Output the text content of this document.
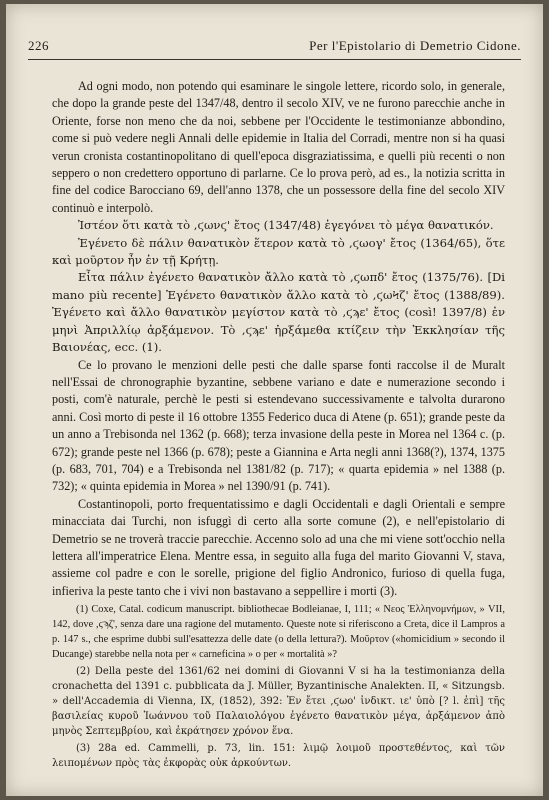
226	Per l'Epistolario di Demetrio Cidone.

Ad ogni modo, non potendo qui esaminare le singole lettere, ricordo solo, in generale, che dopo la grande peste del 1347/48, dentro il secolo XIV, ve ne furono parecchie anche in Oriente, forse non meno che da noi, sebbene per l'Occidente le testimonianze abbondino, come si può vedere negli Annali delle epidemie in Italia del Corradi, mentre non si ha quasi verun cronista costantinopolitano di quell'epoca disgraziatissima, e quelli più recenti o non seppero o non credettero opportuno di parlarne. Ce lo prova però, ad es., la notizia scritta in fine del codice Barocciano 69, dell'anno 1378, che un possessore della fine del secolo XIV continuò e interpolò.

Ἰστέον ὅτι κατὰ τὸ ,ϛωνϛ' ἔτος (1347/48) ἐγεγόνει τὸ μέγα θανατικόν.

Ἐγένετο δὲ πάλιν θανατικὸν ἕτερον κατὰ τὸ ,ϛωογ' ἔτος (1364/65), ὅτε καὶ μοῦρτον ἦν ἐν τῇ Κρήτῃ.

Εἶτα πάλιν ἐγένετο θανατικὸν ἄλλο κατὰ τὸ ,ϛωπδ' ἔτος (1375/76). [Di mano più recente] Ἐγένετο θανατικὸν ἄλλο κατὰ τὸ ,ϛωϞζ' ἔτος (1388/89). Ἐγένετο καὶ ἄλλο θανατικὸν μεγίστον κατὰ τὸ ,ϛϡε' ἔτος (così! 1397/8) ἐν μηνὶ Ἀπριλλίῳ ἀρξάμενον. Τὸ ,ϛϡε' ἠρξάμεθα κτίζειν τὴν Ἐκκλησίαν τῆς Βαιονέας, ecc. (1).

Ce lo provano le menzioni delle pesti che dalle sparse fonti raccolse il de Muralt nell'Essai de chronographie byzantine, sebbene variano e date e numerazione secondo i posti, com'è naturale, perchè le pesti si estendevano successivamente e talvolta durarono anni. Così morto di peste il 16 ottobre 1355 Federico duca di Atene (p. 651); grande peste da un anno a Trebisonda nel 1362 (p. 668); terza invasione della peste in Morea nel 1364 c. (p. 672); grande peste nel 1366 (p. 678); peste a Giannina e Arta negli anni 1368(?), 1374, 1375 (p. 683, 701, 704) e a Trebisonda nel 1381/82 (p. 717); « quarta epidemia » nel 1388 (p. 732); « quinta epidemia in Morea » nel 1390/91 (p. 741).

Costantinopoli, porto frequentatissimo e dagli Occidentali e dagli Orientali e sempre minacciata dai Turchi, non isfuggì di certo alla sorte comune (2), e nell'epistolario di Demetrio se ne troverà traccie parecchie. Accenno solo ad una che mi viene sott'occhio nella lettera all'imperatrice Elena. Mentre essa, in seguito alla fuga del marito Giovanni V, stava, assieme col padre e con le sorelle, prigione del figlio Andronico, furioso di quella fuga, infieriva la peste tanto che i vivi non bastavano a seppellire i morti (3).

(1) Coxe, Catal. codicum manuscript. bibliothecae Bodleianae, I, 111; « Νεος Ἑλληνομνήμων, » VII, 142, dove ,ϛϡζ', senza dare una ragione del mutamento. Queste note si riferiscono a Creta, dice il Lampros a p. 147 s., che esprime dubbi sull'esattezza delle date (o della lettura?). Μοῦρτον («homicidium » secondo il Ducange) starebbe nella nota per « carneficina » o per « mortalità »?

(2) Della peste del 1361/62 nei domini di Giovanni V si ha la testimonianza della cronachetta del 1391 c. pubblicata da J. Müller, Byzantinische Analekten. II, « Sitzungsb. » dell'Accademia di Vienna, IX, (1852), 392: Ἐν ἔτει ,ϛωο' ἰνδικτ. ιε' ὑπὸ [? l. ἐπὶ] τῆς βασιλείας κυροῦ Ἰωάννου τοῦ Παλαιολόγου ἐγένετο θανατικὸν μέγα, ἀρξάμενον ἀπὸ μηνὸς Σεπτεμβρίου, καὶ ἐκράτησεν χρόνον ἕνα.

(3) 28a ed. Cammelli, p. 73, lin. 151: λιμῷ λοιμοῦ προστεθέντος, καὶ τῶν λειπομένων πρὸς τὰς ἐκφορὰς οὐκ ἀρκούντων.
